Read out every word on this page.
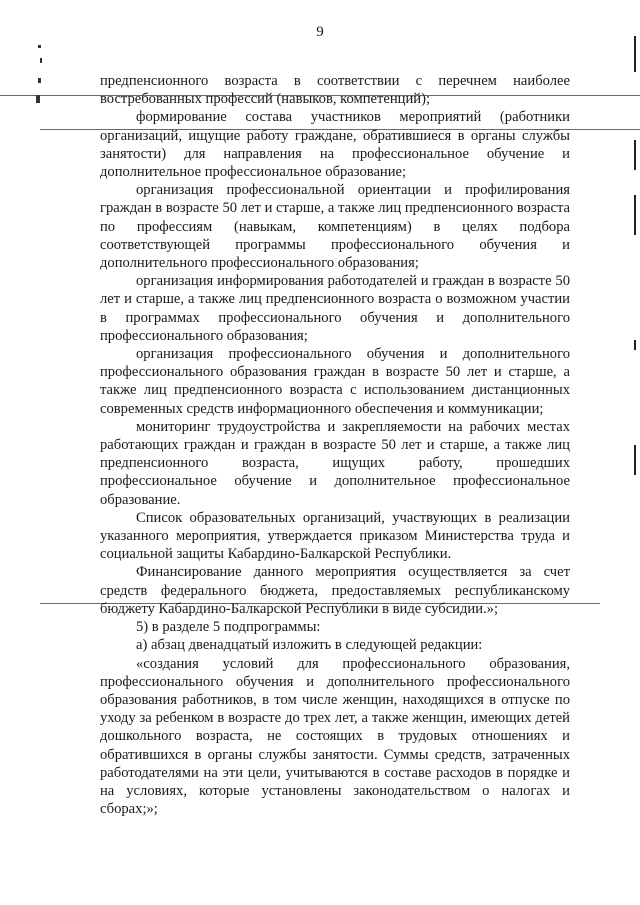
9

предпенсионного возраста в соответствии с перечнем наиболее востребованных профессий (навыков, компетенций);

формирование состава участников мероприятий (работники организаций, ищущие работу граждане, обратившиеся в органы службы занятости) для направления на профессиональное обучение и дополнительное профессиональное образование;

организация профессиональной ориентации и профилирования граждан в возрасте 50 лет и старше, а также лиц предпенсионного возраста по профессиям (навыкам, компетенциям) в целях подбора соответствующей программы профессионального обучения и дополнительного профессионального образования;

организация информирования работодателей и граждан в возрасте 50 лет и старше, а также лиц предпенсионного возраста о возможном участии в программах профессионального обучения и дополнительного профессионального образования;

организация профессионального обучения и дополнительного профессионального образования граждан в возрасте 50 лет и старше, а также лиц предпенсионного возраста с использованием дистанционных современных средств информационного обеспечения и коммуникации;

мониторинг трудоустройства и закрепляемости на рабочих местах работающих граждан и граждан в возрасте 50 лет и старше, а также лиц предпенсионного возраста, ищущих работу, прошедших профессиональное обучение и дополнительное профессиональное образование.

Список образовательных организаций, участвующих в реализации указанного мероприятия, утверждается приказом Министерства труда и социальной защиты Кабардино-Балкарской Республики.

Финансирование данного мероприятия осуществляется за счет средств федерального бюджета, предоставляемых республиканскому бюджету Кабардино-Балкарской Республики в виде субсидии.»;

5) в разделе 5 подпрограммы:

а) абзац двенадцатый изложить в следующей редакции:

«создания условий для профессионального образования, профессионального обучения и дополнительного профессионального образования работников, в том числе женщин, находящихся в отпуске по уходу за ребенком в возрасте до трех лет, а также женщин, имеющих детей дошкольного возраста, не состоящих в трудовых отношениях и обратившихся в органы службы занятости. Суммы средств, затраченных работодателями на эти цели, учитываются в составе расходов в порядке и на условиях, которые установлены законодательством о налогах и сборах;»;
